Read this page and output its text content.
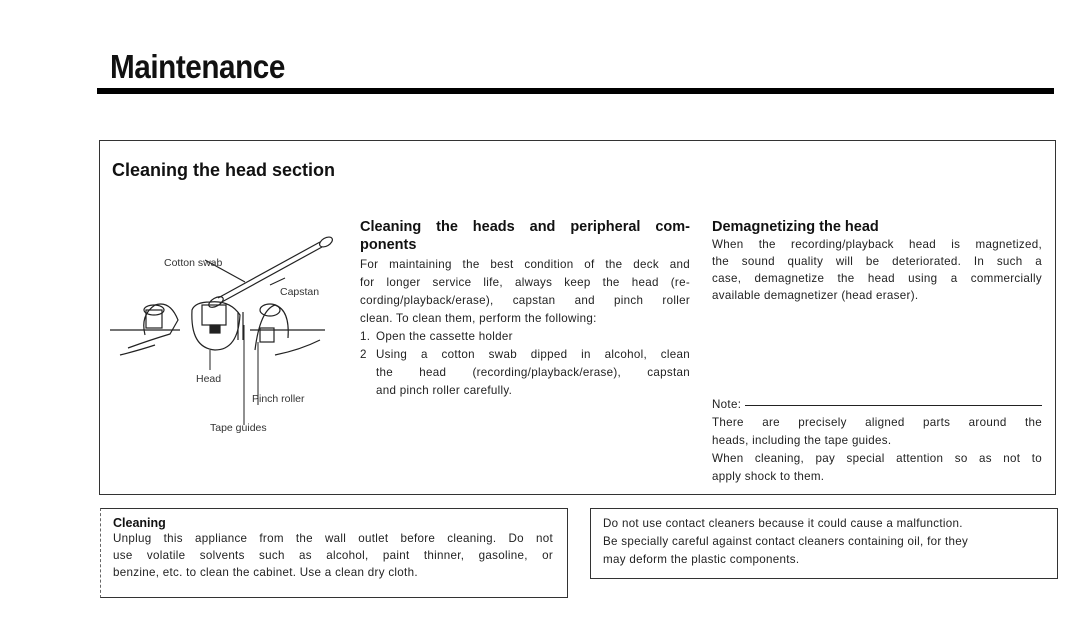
Maintenance
Cleaning the head section
Cotton swab
Capstan
Head
Pinch roller
Tape guides
Cleaning the heads and peripheral com-
ponents
For maintaining the best condition of the deck and
for longer service life, always keep the head (re-
cording/playback/erase), capstan and pinch roller
clean. To clean them, perform the following:
1. Open the cassette holder
2 Using a cotton swab dipped in alcohol, clean
the head (recording/playback/erase), capstan
and pinch roller carefully.
Demagnetizing the head
When the recording/playback head is magnetized,
the sound quality will be deteriorated. In such a
case, demagnetize the head using a commercially
available demagnetizer (head eraser).
Note:
There are precisely aligned parts around the
heads, including the tape guides.
When cleaning, pay special attention so as not to
apply shock to them.
Cleaning
Unplug this appliance from the wall outlet before cleaning. Do not
use volatile solvents such as alcohol, paint thinner, gasoline, or
benzine, etc. to clean the cabinet. Use a clean dry cloth.
Do not use contact cleaners because it could cause a malfunction.
Be specially careful against contact cleaners containing oil, for they
may deform the plastic components.
